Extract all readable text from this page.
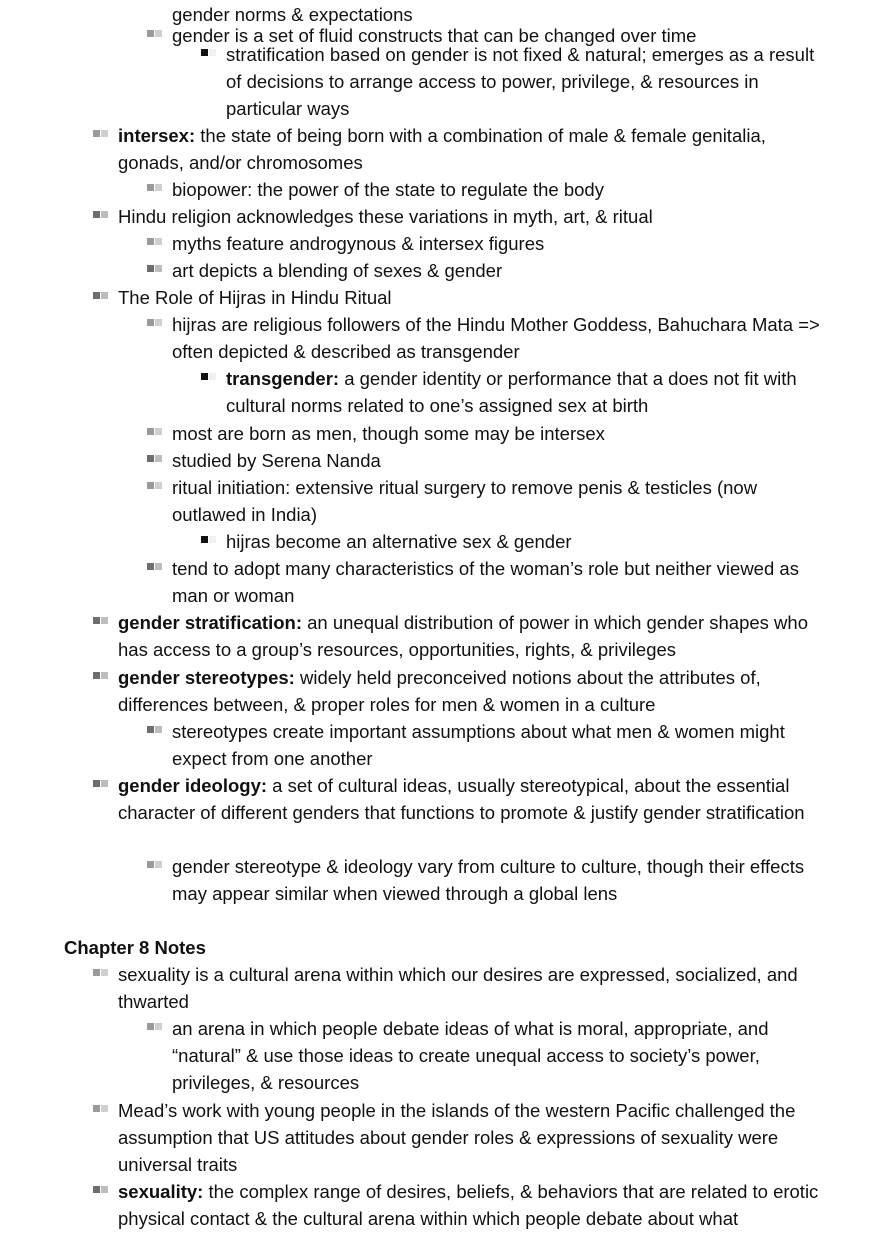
Chapter 8 Notes

gender norms & expectations

gender is a set of fluid constructs that can be changed over time

stratification based on gender is not fixed & natural; emerges as a result of decisions to arrange access to power, privilege, & resources in particular ways

intersex: the state of being born with a combination of male & female genitalia, gonads, and/or chromosomes

biopower: the power of the state to regulate the body

Hindu religion acknowledges these variations in myth, art, & ritual

myths feature androgynous & intersex figures

art depicts a blending of sexes & gender

The Role of Hijras in Hindu Ritual

hijras are religious followers of the Hindu Mother Goddess, Bahuchara Mata => often depicted & described as transgender

transgender: a gender identity or performance that a does not fit with cultural norms related to one’s assigned sex at birth

most are born as men, though some may be intersex

studied by Serena Nanda

ritual initiation: extensive ritual surgery to remove penis & testicles (now outlawed in India)

hijras become an alternative sex & gender

tend to adopt many characteristics of the woman’s role but neither viewed as man or woman

gender stratification: an unequal distribution of power in which gender shapes who has access to a group’s resources, opportunities, rights, & privileges

gender stereotypes: widely held preconceived notions about the attributes of, differences between, & proper roles for men & women in a culture

stereotypes create important assumptions about what men & women might expect from one another

gender ideology: a set of cultural ideas, usually stereotypical, about the essential character of different genders that functions to promote & justify gender stratification

gender stereotype & ideology vary from culture to culture, though their effects may appear similar when viewed through a global lens

sexuality is a cultural arena within which our desires are expressed, socialized, and thwarted

an arena in which people debate ideas of what is moral, appropriate, and “natural” & use those ideas to create unequal access to society’s power, privileges, & resources

Mead’s work with young people in the islands of the western Pacific challenged the assumption that US attitudes about gender roles & expressions of sexuality were universal traits

sexuality: the complex range of desires, beliefs, & behaviors that are related to erotic physical contact & the cultural arena within which people debate about what
